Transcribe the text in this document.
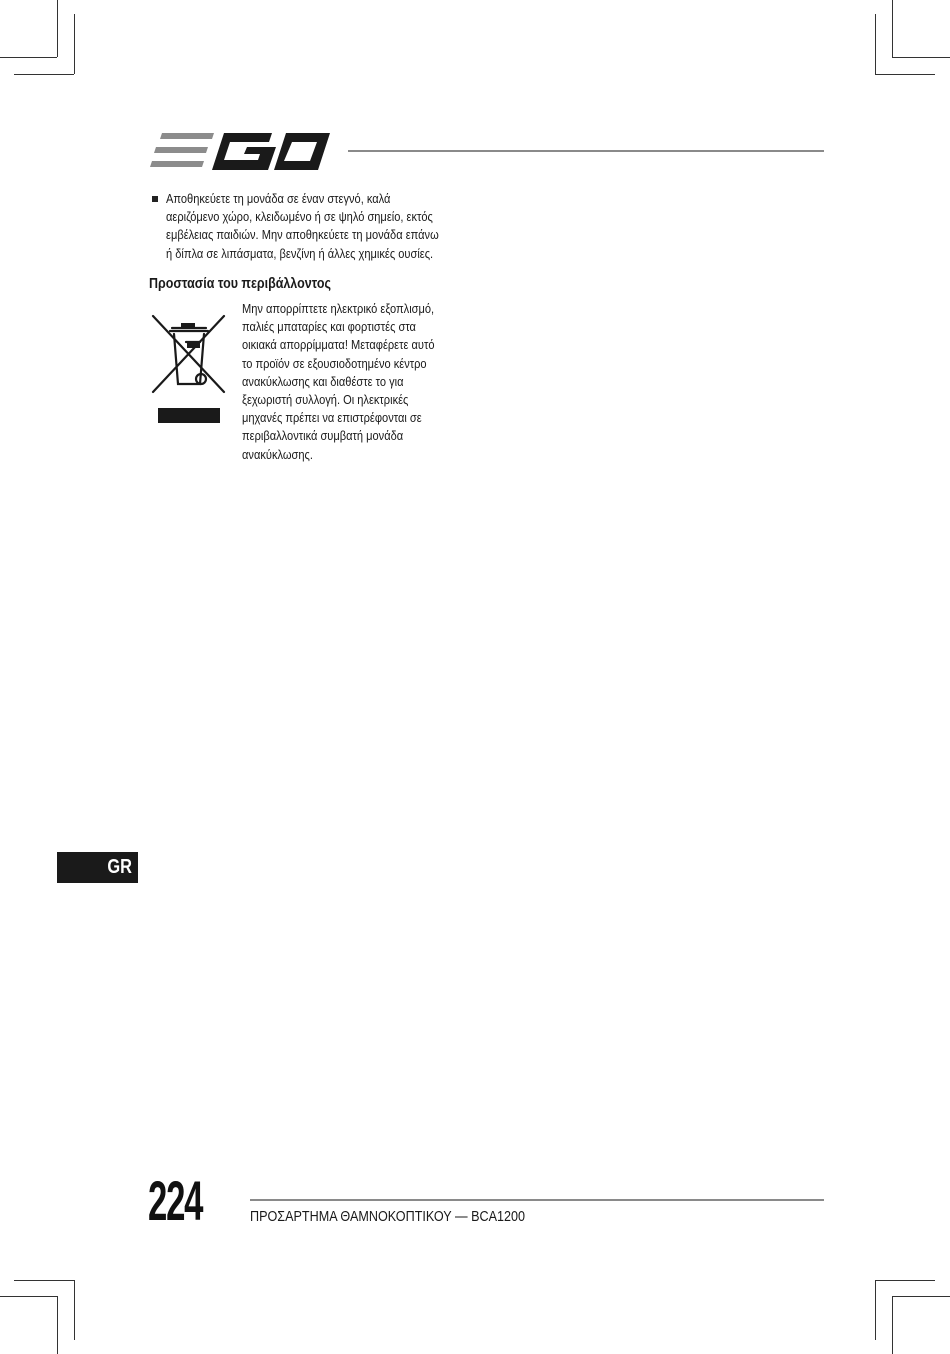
Αποθηκεύετε τη μονάδα σε έναν στεγνό, καλά
αεριζόμενο χώρο, κλειδωμένο ή σε ψηλό σημείο, εκτός
εμβέλειας παιδιών. Μην αποθηκεύετε τη μονάδα επάνω
ή δίπλα σε λιπάσματα, βενζίνη ή άλλες χημικές ουσίες.
Προστασία του περιβάλλοντος
Μην απορρίπτετε ηλεκτρικό εξοπλισμό,
παλιές μπαταρίες και φορτιστές στα
οικιακά απορρίμματα! Μεταφέρετε αυτό
το προϊόν σε εξουσιοδοτημένο κέντρο
ανακύκλωσης και διαθέστε το για
ξεχωριστή συλλογή. Οι ηλεκτρικές
μηχανές πρέπει να επιστρέφονται σε
περιβαλλοντικά συμβατή μονάδα
ανακύκλωσης.
GR
224	ΠΡΟΣΑΡΤΗΜΑ ΘΑΜΝΟΚΟΠΤΙΚΟΥ — BCA1200
